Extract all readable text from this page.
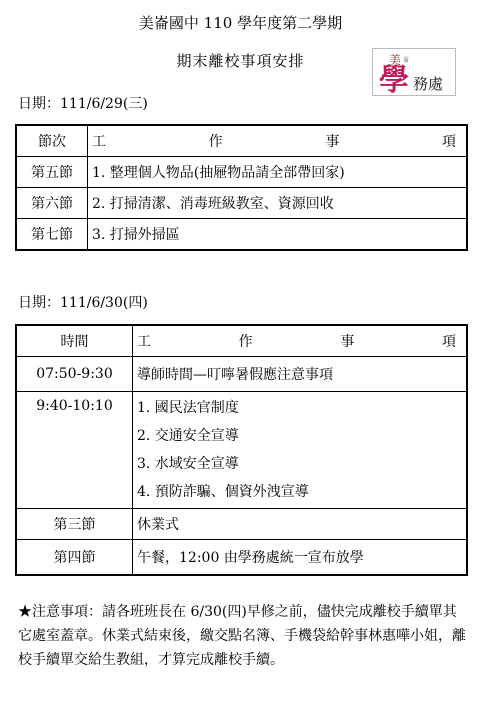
美崙國中 110 學年度第二學期
期末離校事項安排	美 崙
學 務處
日期：111/6/29(三)
節次	工 作 事 項

第五節	1. 整理個人物品(抽屜物品請全部帶回家)
第六節	2. 打掃清潔、消毒班級教室、資源回收
第七節	3. 打掃外掃區
日期：111/6/30(四)
時間	工 作 事 項

07:50-9:30	導師時間—叮嚀暑假應注意事項
9:40-10:10	1. 國民法官制度
2. 交通安全宣導
3. 水域安全宣導
4. 預防詐騙、個資外洩宣導

第三節	休業式
第四節	午餐，12:00 由學務處統一宣布放學
★注意事項：請各班班長在 6/30(四)早修之前，儘快完成離校手續單其它處室蓋章。休業式結束後，繳交點名簿、手機袋給幹事林惠嘩小姐，離校手續單交給生教組，才算完成離校手續。
